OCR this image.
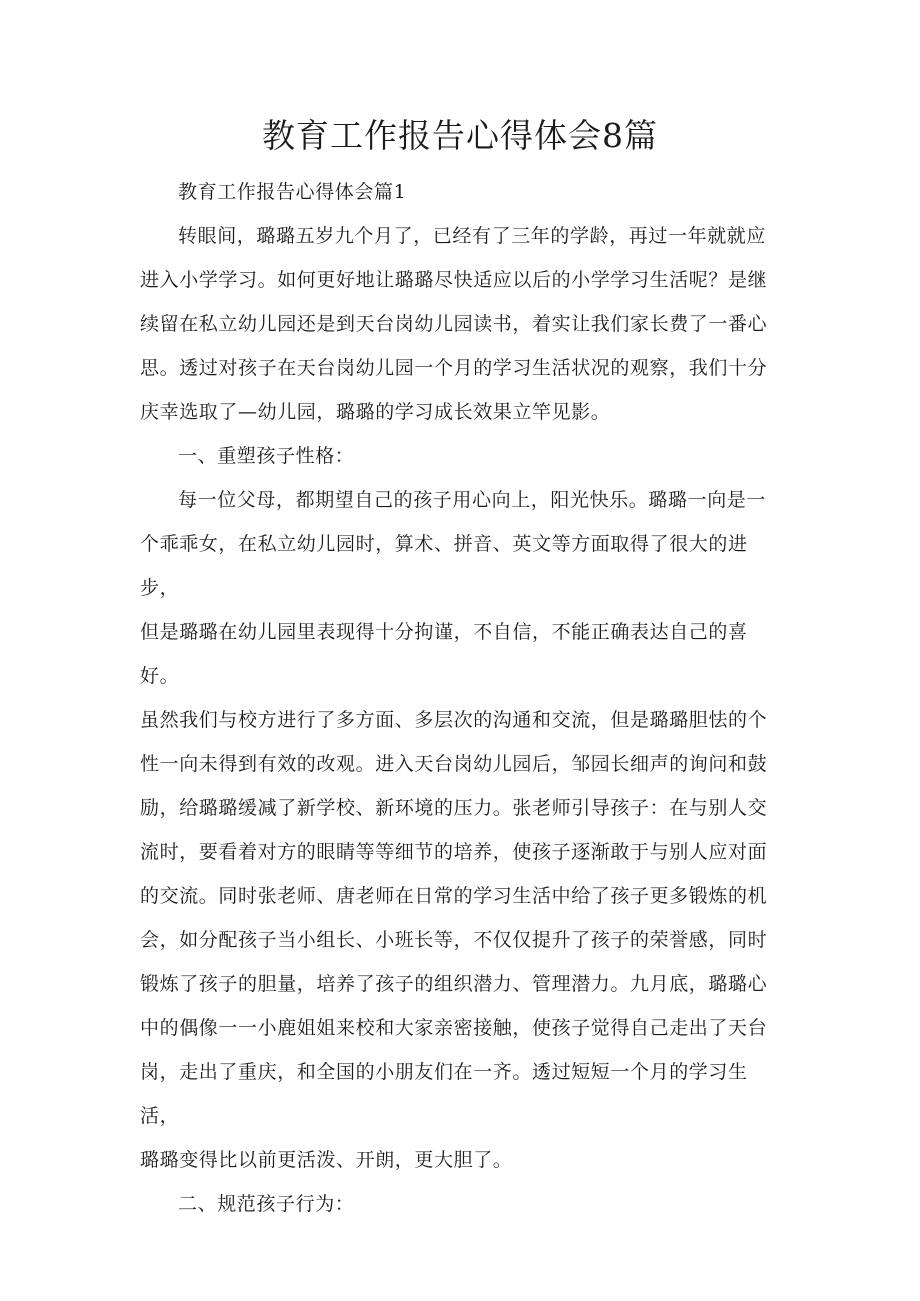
教育工作报告心得体会8篇

教育工作报告心得体会篇1

转眼间，璐璐五岁九个月了，已经有了三年的学龄，再过一年就就应

进入小学学习。如何更好地让璐璐尽快适应以后的小学学习生活呢？是继

续留在私立幼儿园还是到天台岗幼儿园读书，着实让我们家长费了一番心

思。透过对孩子在天台岗幼儿园一个月的学习生活状况的观察，我们十分

庆幸选取了—幼儿园，璐璐的学习成长效果立竿见影。

一、重塑孩子性格：

每一位父母，都期望自己的孩子用心向上，阳光快乐。璐璐一向是一

个乖乖女，在私立幼儿园时，算术、拼音、英文等方面取得了很大的进步，

但是璐璐在幼儿园里表现得十分拘谨，不自信，不能正确表达自己的喜好。

虽然我们与校方进行了多方面、多层次的沟通和交流，但是璐璐胆怯的个

性一向未得到有效的改观。进入天台岗幼儿园后，邹园长细声的询问和鼓

励，给璐璐缓减了新学校、新环境的压力。张老师引导孩子：在与别人交

流时，要看着对方的眼睛等等细节的培养，使孩子逐渐敢于与别人应对面

的交流。同时张老师、唐老师在日常的学习生活中给了孩子更多锻炼的机

会，如分配孩子当小组长、小班长等，不仅仅提升了孩子的荣誉感，同时

锻炼了孩子的胆量，培养了孩子的组织潜力、管理潜力。九月底，璐璐心

中的偶像一一小鹿姐姐来校和大家亲密接触，使孩子觉得自己走出了天台

岗，走出了重庆，和全国的小朋友们在一齐。透过短短一个月的学习生活，

璐璐变得比以前更活泼、开朗，更大胆了。

二、规范孩子行为：
